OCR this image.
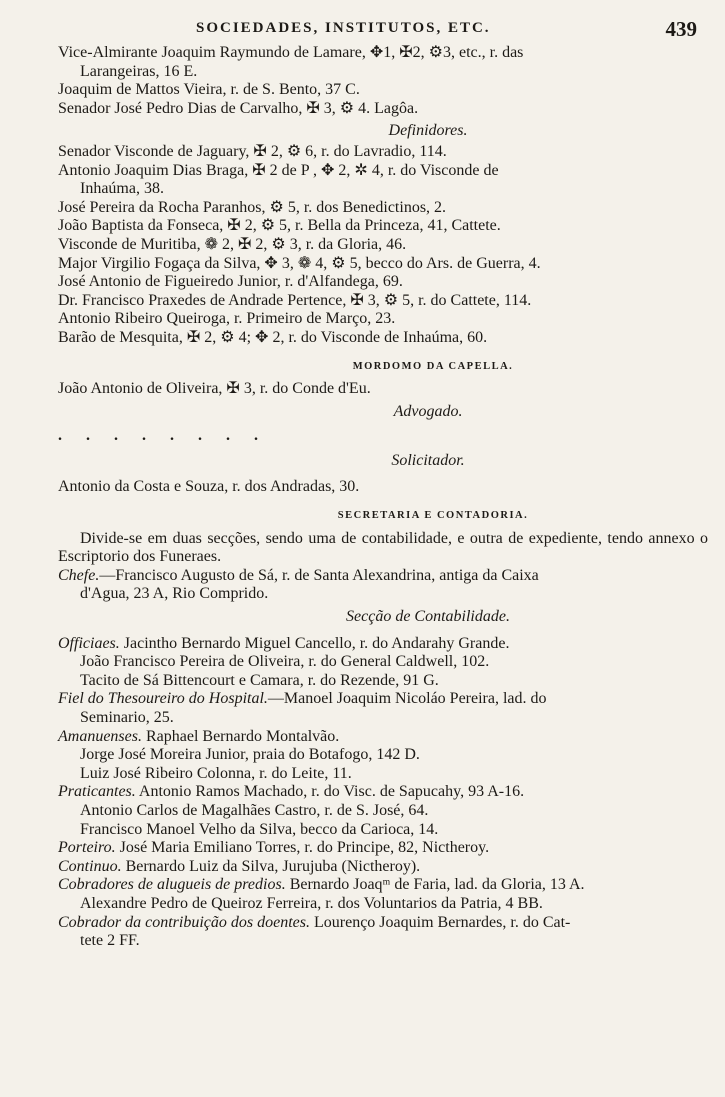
SOCIEDADES, INSTITUTOS, ETC.	439

Vice-Almirante Joaquim Raymundo de Lamare, ✥1, ✠2, ⚙3, etc., r. das
Larangeiras, 16 E.

Joaquim de Mattos Vieira, r. de S. Bento, 37 C.

Senador José Pedro Dias de Carvalho, ✠ 3, ⚙ 4. Lagôa.

Definidores.

Senador Visconde de Jaguary, ✠ 2, ⚙ 6, r. do Lavradio, 114.

Antonio Joaquim Dias Braga, ✠ 2 de P , ✥ 2, ✲ 4, r. do Visconde de
Inhaúma, 38.

José Pereira da Rocha Paranhos, ⚙ 5, r. dos Benedictinos, 2.

João Baptista da Fonseca, ✠ 2, ⚙ 5, r. Bella da Princeza, 41, Cattete.

Visconde de Muritiba, ❁ 2, ✠ 2, ⚙ 3, r. da Gloria, 46.

Major Virgilio Fogaça da Silva, ✥ 3, ❁ 4, ⚙ 5, becco do Ars. de Guerra, 4.

José Antonio de Figueiredo Junior, r. d'Alfandega, 69.

Dr. Francisco Praxedes de Andrade Pertence, ✠ 3, ⚙ 5, r. do Cattete, 114.

Antonio Ribeiro Queiroga, r. Primeiro de Março, 23.

Barão de Mesquita, ✠ 2, ⚙ 4; ✥ 2, r. do Visconde de Inhaúma, 60.

MORDOMO DA CAPELLA.

João Antonio de Oliveira, ✠ 3, r. do Conde d'Eu.

Advogado.

........

Solicitador.

Antonio da Costa e Souza, r. dos Andradas, 30.

SECRETARIA E CONTADORIA.

Divide-se em duas secções, sendo uma de contabilidade, e outra de expediente, tendo annexo o Escriptorio dos Funeraes.

Chefe.—Francisco Augusto de Sá, r. de Santa Alexandrina, antiga da Caixa
d'Agua, 23 A, Rio Comprido.

Secção de Contabilidade.

Officiaes. Jacintho Bernardo Miguel Cancello, r. do Andarahy Grande.

João Francisco Pereira de Oliveira, r. do General Caldwell, 102.

Tacito de Sá Bittencourt e Camara, r. do Rezende, 91 G.

Fiel do Thesoureiro do Hospital.—Manoel Joaquim Nicoláo Pereira, lad. do
Seminario, 25.

Amanuenses. Raphael Bernardo Montalvão.

Jorge José Moreira Junior, praia do Botafogo, 142 D.

Luiz José Ribeiro Colonna, r. do Leite, 11.

Praticantes. Antonio Ramos Machado, r. do Visc. de Sapucahy, 93 A-16.

Antonio Carlos de Magalhães Castro, r. de S. José, 64.

Francisco Manoel Velho da Silva, becco da Carioca, 14.

Porteiro. José Maria Emiliano Torres, r. do Principe, 82, Nictheroy.

Continuo. Bernardo Luiz da Silva, Jurujuba (Nictheroy).

Cobradores de alugueis de predios. Bernardo Joaqᵐ de Faria, lad. da Gloria, 13 A.

Alexandre Pedro de Queiroz Ferreira, r. dos Voluntarios da Patria, 4 BB.

Cobrador da contribuição dos doentes. Lourenço Joaquim Bernardes, r. do Cat-
tete 2 FF.
